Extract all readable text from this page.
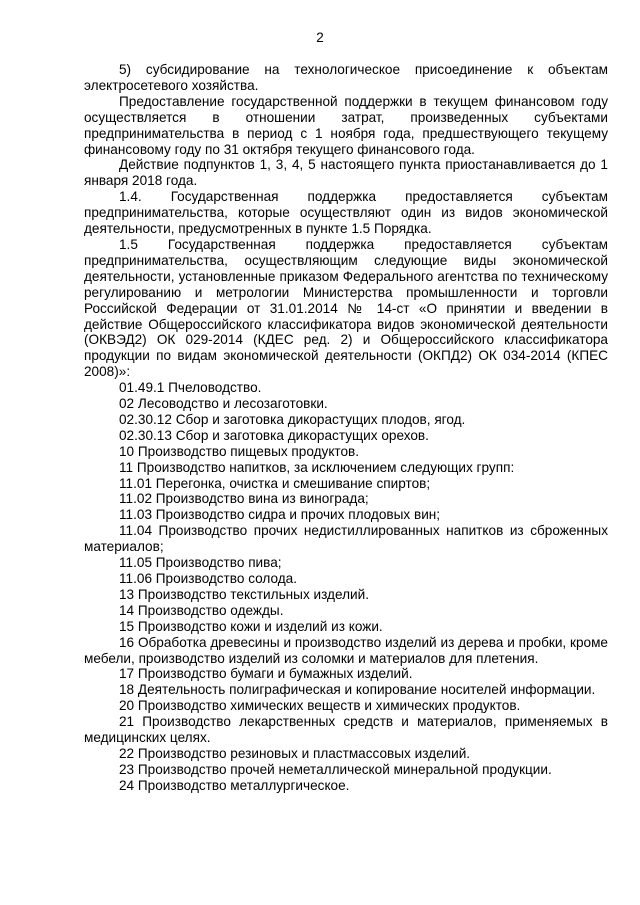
2

5) субсидирование на технологическое присоединение к объектам электросетевого хозяйства.

Предоставление государственной поддержки в текущем финансовом году осуществляется в отношении затрат, произведенных субъектами предпринимательства в период с 1 ноября года, предшествующего текущему финансовому году по 31 октября текущего финансового года.

Действие подпунктов 1, 3, 4, 5 настоящего пункта приостанавливается до 1 января 2018 года.

1.4. Государственная поддержка предоставляется субъектам предпринимательства, которые осуществляют один из видов экономической деятельности, предусмотренных в пункте 1.5 Порядка.

1.5 Государственная поддержка предоставляется субъектам предпринимательства, осуществляющим следующие виды экономической деятельности, установленные приказом Федерального агентства по техническому регулированию и метрологии Министерства промышленности и торговли Российской Федерации от 31.01.2014 № 14-ст «О принятии и введении в действие Общероссийского классификатора видов экономической деятельности (ОКВЭД2) ОК 029-2014 (КДЕС ред. 2) и Общероссийского классификатора продукции по видам экономической деятельности (ОКПД2) ОК 034-2014 (КПЕС 2008)»:

01.49.1 Пчеловодство.

02 Лесоводство и лесозаготовки.

02.30.12 Сбор и заготовка дикорастущих плодов, ягод.

02.30.13 Сбор и заготовка дикорастущих орехов.

10 Производство пищевых продуктов.

11 Производство напитков, за исключением следующих групп:

11.01 Перегонка, очистка и смешивание спиртов;

11.02 Производство вина из винограда;

11.03 Производство сидра и прочих плодовых вин;

11.04 Производство прочих недистиллированных напитков из сброженных материалов;

11.05 Производство пива;

11.06 Производство солода.

13 Производство текстильных изделий.

14 Производство одежды.

15 Производство кожи и изделий из кожи.

16 Обработка древесины и производство изделий из дерева и пробки, кроме мебели, производство изделий из соломки и материалов для плетения.

17 Производство бумаги и бумажных изделий.

18 Деятельность полиграфическая и копирование носителей информации.

20 Производство химических веществ и химических продуктов.

21 Производство лекарственных средств и материалов, применяемых в медицинских целях.

22 Производство резиновых и пластмассовых изделий.

23 Производство прочей неметаллической минеральной продукции.

24 Производство металлургическое.
